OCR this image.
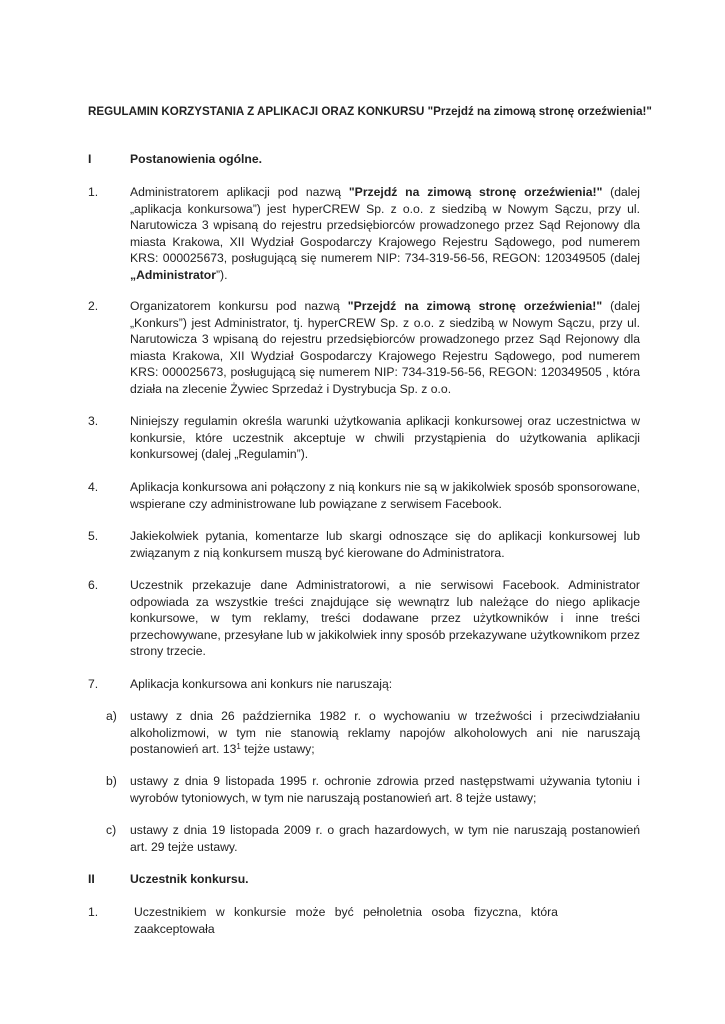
REGULAMIN KORZYSTANIA Z APLIKACJI ORAZ KONKURSU "Przejdź na zimową stronę orzeźwienia!"
I	Postanowienia ogólne.
1.	Administratorem aplikacji pod nazwą "Przejdź na zimową stronę orzeźwienia!" (dalej „aplikacja konkursowa”) jest hyperCREW Sp. z o.o. z siedzibą w Nowym Sączu, przy ul. Narutowicza 3 wpisaną do rejestru przedsiębiorców prowadzonego przez Sąd Rejonowy dla miasta Krakowa, XII Wydział Gospodarczy Krajowego Rejestru Sądowego, pod numerem KRS: 000025673, posługującą się numerem NIP: 734-319-56-56, REGON: 120349505 (dalej „Administrator”).
2.	Organizatorem konkursu pod nazwą "Przejdź na zimową stronę orzeźwienia!" (dalej „Konkurs”) jest Administrator, tj. hyperCREW Sp. z o.o. z siedzibą w Nowym Sączu, przy ul. Narutowicza 3 wpisaną do rejestru przedsiębiorców prowadzonego przez Sąd Rejonowy dla miasta Krakowa, XII Wydział Gospodarczy Krajowego Rejestru Sądowego, pod numerem KRS: 000025673, posługującą się numerem NIP: 734-319-56-56, REGON: 120349505 , która działa na zlecenie Żywiec Sprzedaż i Dystrybucja Sp. z o.o.
3.	Niniejszy regulamin określa warunki użytkowania aplikacji konkursowej oraz uczestnictwa w konkursie, które uczestnik akceptuje w chwili przystąpienia do użytkowania aplikacji konkursowej (dalej „Regulamin”).
4.	Aplikacja konkursowa ani połączony z nią konkurs nie są w jakikolwiek sposób sponsorowane, wspierane czy administrowane lub powiązane z serwisem Facebook.
5.	Jakiekolwiek pytania, komentarze lub skargi odnoszące się do aplikacji konkursowej lub związanym z nią konkursem muszą być kierowane do Administratora.
6.	Uczestnik przekazuje dane Administratorowi, a nie serwisowi Facebook. Administrator odpowiada za wszystkie treści znajdujące się wewnątrz lub należące do niego aplikacje konkursowe, w tym reklamy, treści dodawane przez użytkowników i inne treści przechowywane, przesyłane lub w jakikolwiek inny sposób przekazywane użytkownikom przez strony trzecie.
7.	Aplikacja konkursowa ani konkurs nie naruszają:
a) ustawy z dnia 26 października 1982 r. o wychowaniu w trzeźwości i przeciwdziałaniu alkoholizmowi, w tym nie stanowią reklamy napojów alkoholowych ani nie naruszają postanowień art. $13^1$ tejże ustawy;
b) ustawy z dnia 9 listopada 1995 r. ochronie zdrowia przed następstwami używania tytoniu i wyrobów tytoniowych, w tym nie naruszają postanowień art. 8 tejże ustawy;
c) ustawy z dnia 19 listopada 2009 r. o grach hazardowych, w tym nie naruszają postanowień art. 29 tejże ustawy.
II	Uczestnik konkursu.
1.	Uczestnikiem w konkursie może być pełnoletnia osoba fizyczna, która zaakceptowała
